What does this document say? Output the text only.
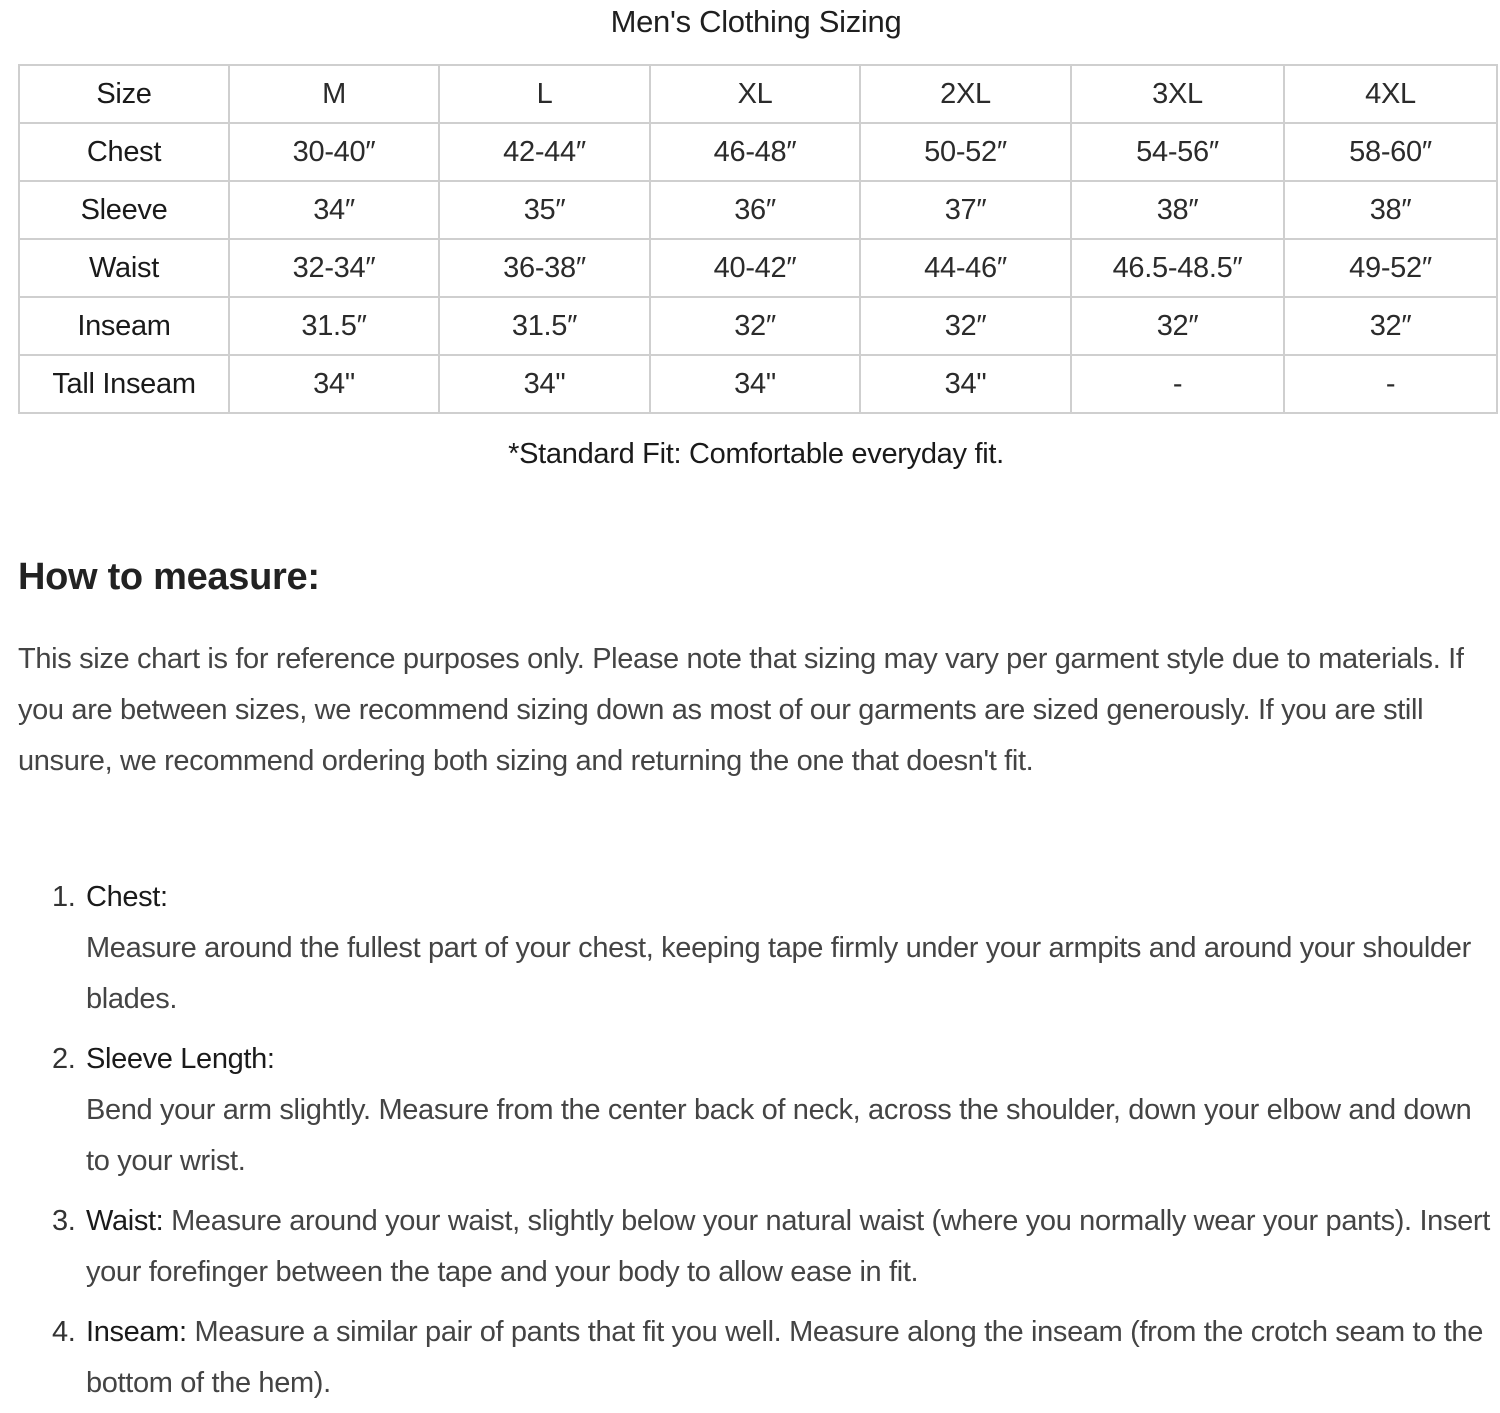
Men's Clothing Sizing
Size	M	L	XL	2XL	3XL	4XL
Chest	30-40″	42-44″	46-48″	50-52″	54-56″	58-60″
Sleeve	34″	35″	36″	37″	38″	38″
Waist	32-34″	36-38″	40-42″	44-46″	46.5-48.5″	49-52″
Inseam	31.5″	31.5″	32″	32″	32″	32″
Tall Inseam	34"	34"	34"	34"	-	-
*Standard Fit: Comfortable everyday fit.
How to measure:

This size chart is for reference purposes only. Please note that sizing may vary per garment style due to materials. If you are between sizes, we recommend sizing down as most of our garments are sized generously. If you are still unsure, we recommend ordering both sizing and returning the one that doesn't fit.

1. Chest:
Measure around the fullest part of your chest, keeping tape firmly under your armpits and around your shoulder blades.
2. Sleeve Length:
Bend your arm slightly. Measure from the center back of neck, across the shoulder, down your elbow and down to your wrist.
3. Waist: Measure around your waist, slightly below your natural waist (where you normally wear your pants). Insert your forefinger between the tape and your body to allow ease in fit.
4. Inseam: Measure a similar pair of pants that fit you well. Measure along the inseam (from the crotch seam to the bottom of the hem).
